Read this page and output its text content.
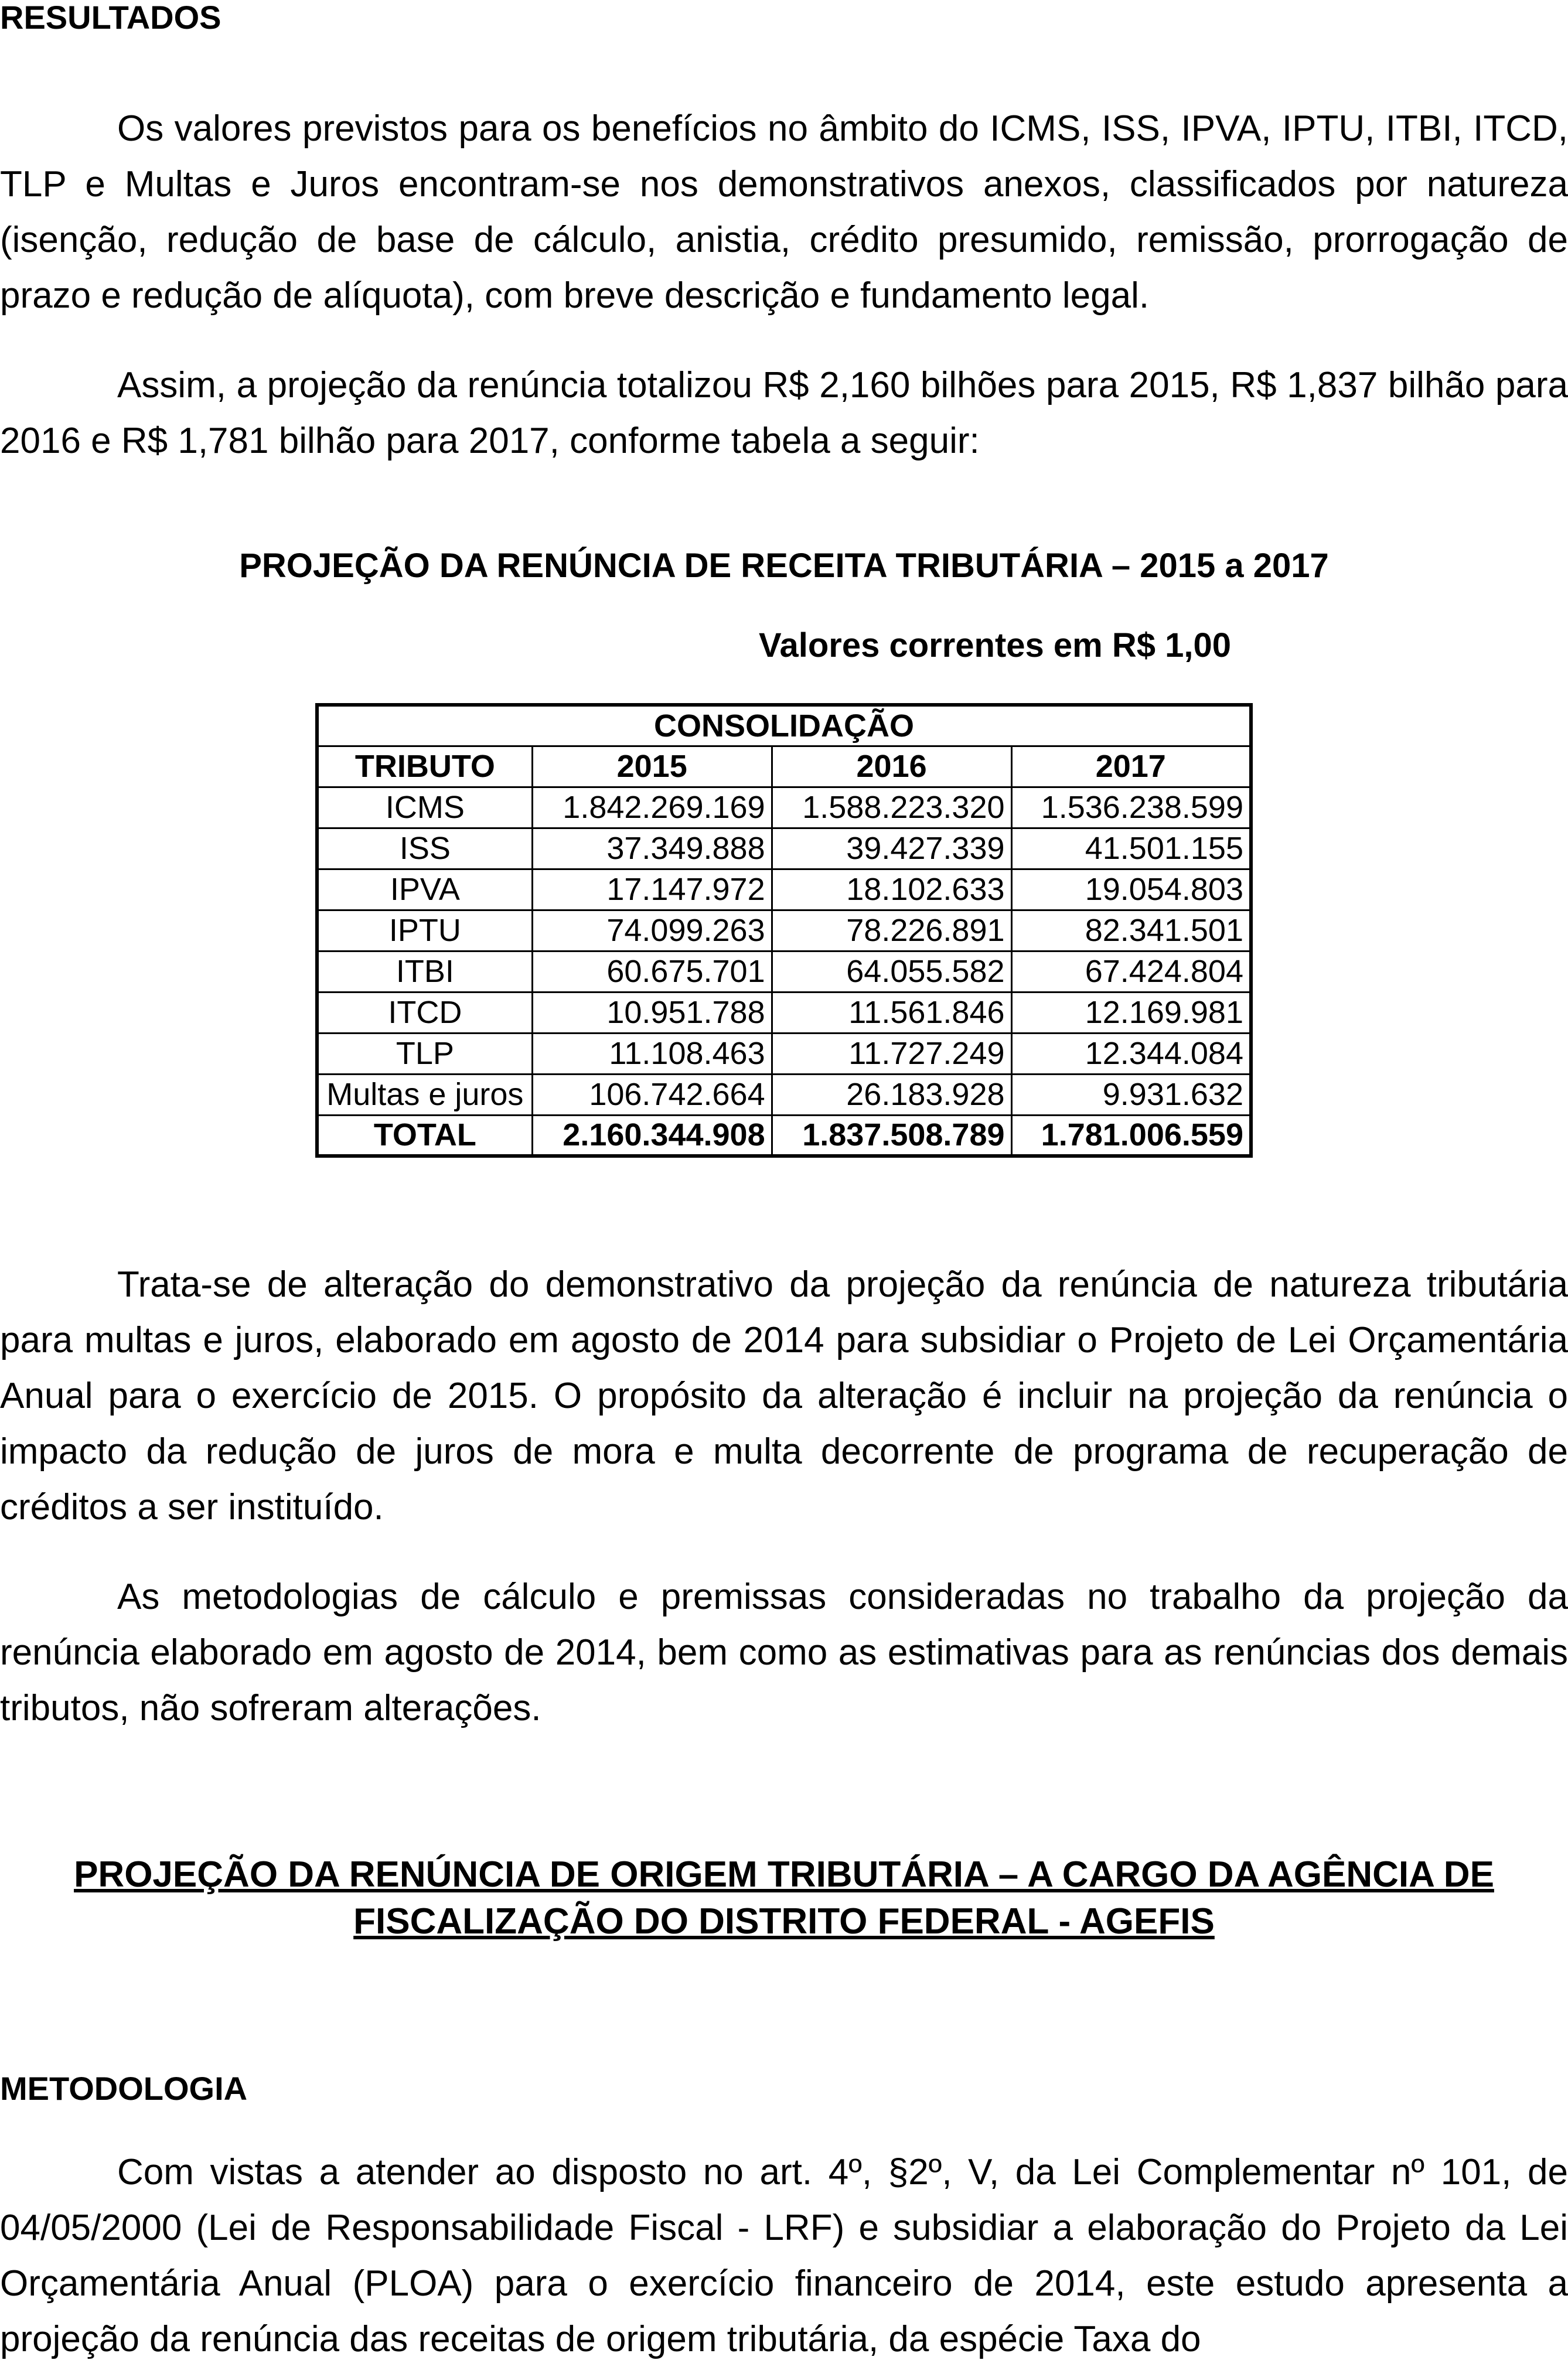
RESULTADOS

Os valores previstos para os benefícios no âmbito do ICMS, ISS, IPVA, IPTU, ITBI, ITCD, TLP e Multas e Juros encontram-se nos demonstrativos anexos, classificados por natureza (isenção, redução de base de cálculo, anistia, crédito presumido, remissão, prorrogação de prazo e redução de alíquota), com breve descrição e fundamento legal.

Assim, a projeção da renúncia totalizou R$ 2,160 bilhões para 2015, R$ 1,837 bilhão para 2016 e R$ 1,781 bilhão para 2017, conforme tabela a seguir:

PROJEÇÃO DA RENÚNCIA DE RECEITA TRIBUTÁRIA – 2015 a 2017
Valores correntes em R$ 1,00
CONSOLIDAÇÃO			
TRIBUTO	2015	2016	2017
ICMS	1.842.269.169	1.588.223.320	1.536.238.599
ISS	37.349.888	39.427.339	41.501.155
IPVA	17.147.972	18.102.633	19.054.803
IPTU	74.099.263	78.226.891	82.341.501
ITBI	60.675.701	64.055.582	67.424.804
ITCD	10.951.788	11.561.846	12.169.981
TLP	11.108.463	11.727.249	12.344.084
Multas e juros	106.742.664	26.183.928	9.931.632
TOTAL	2.160.344.908	1.837.508.789	1.781.006.559

Trata-se de alteração do demonstrativo da projeção da renúncia de natureza tributária para multas e juros, elaborado em agosto de 2014 para subsidiar o Projeto de Lei Orçamentária Anual para o exercício de 2015. O propósito da alteração é incluir na projeção da renúncia o impacto da redução de juros de mora e multa decorrente de programa de recuperação de créditos a ser instituído.

As metodologias de cálculo e premissas consideradas no trabalho da projeção da renúncia elaborado em agosto de 2014, bem como as estimativas para as renúncias dos demais tributos, não sofreram alterações.

PROJEÇÃO DA RENÚNCIA DE ORIGEM TRIBUTÁRIA – A CARGO DA AGÊNCIA DE
FISCALIZAÇÃO DO DISTRITO FEDERAL - AGEFIS
METODOLOGIA

Com vistas a atender ao disposto no art. 4º, §2º, V, da Lei Complementar nº 101, de 04/05/2000 (Lei de Responsabilidade Fiscal - LRF) e subsidiar a elaboração do Projeto da Lei Orçamentária Anual (PLOA) para o exercício financeiro de 2014, este estudo apresenta a projeção da renúncia das receitas de origem tributária, da espécie Taxa do
